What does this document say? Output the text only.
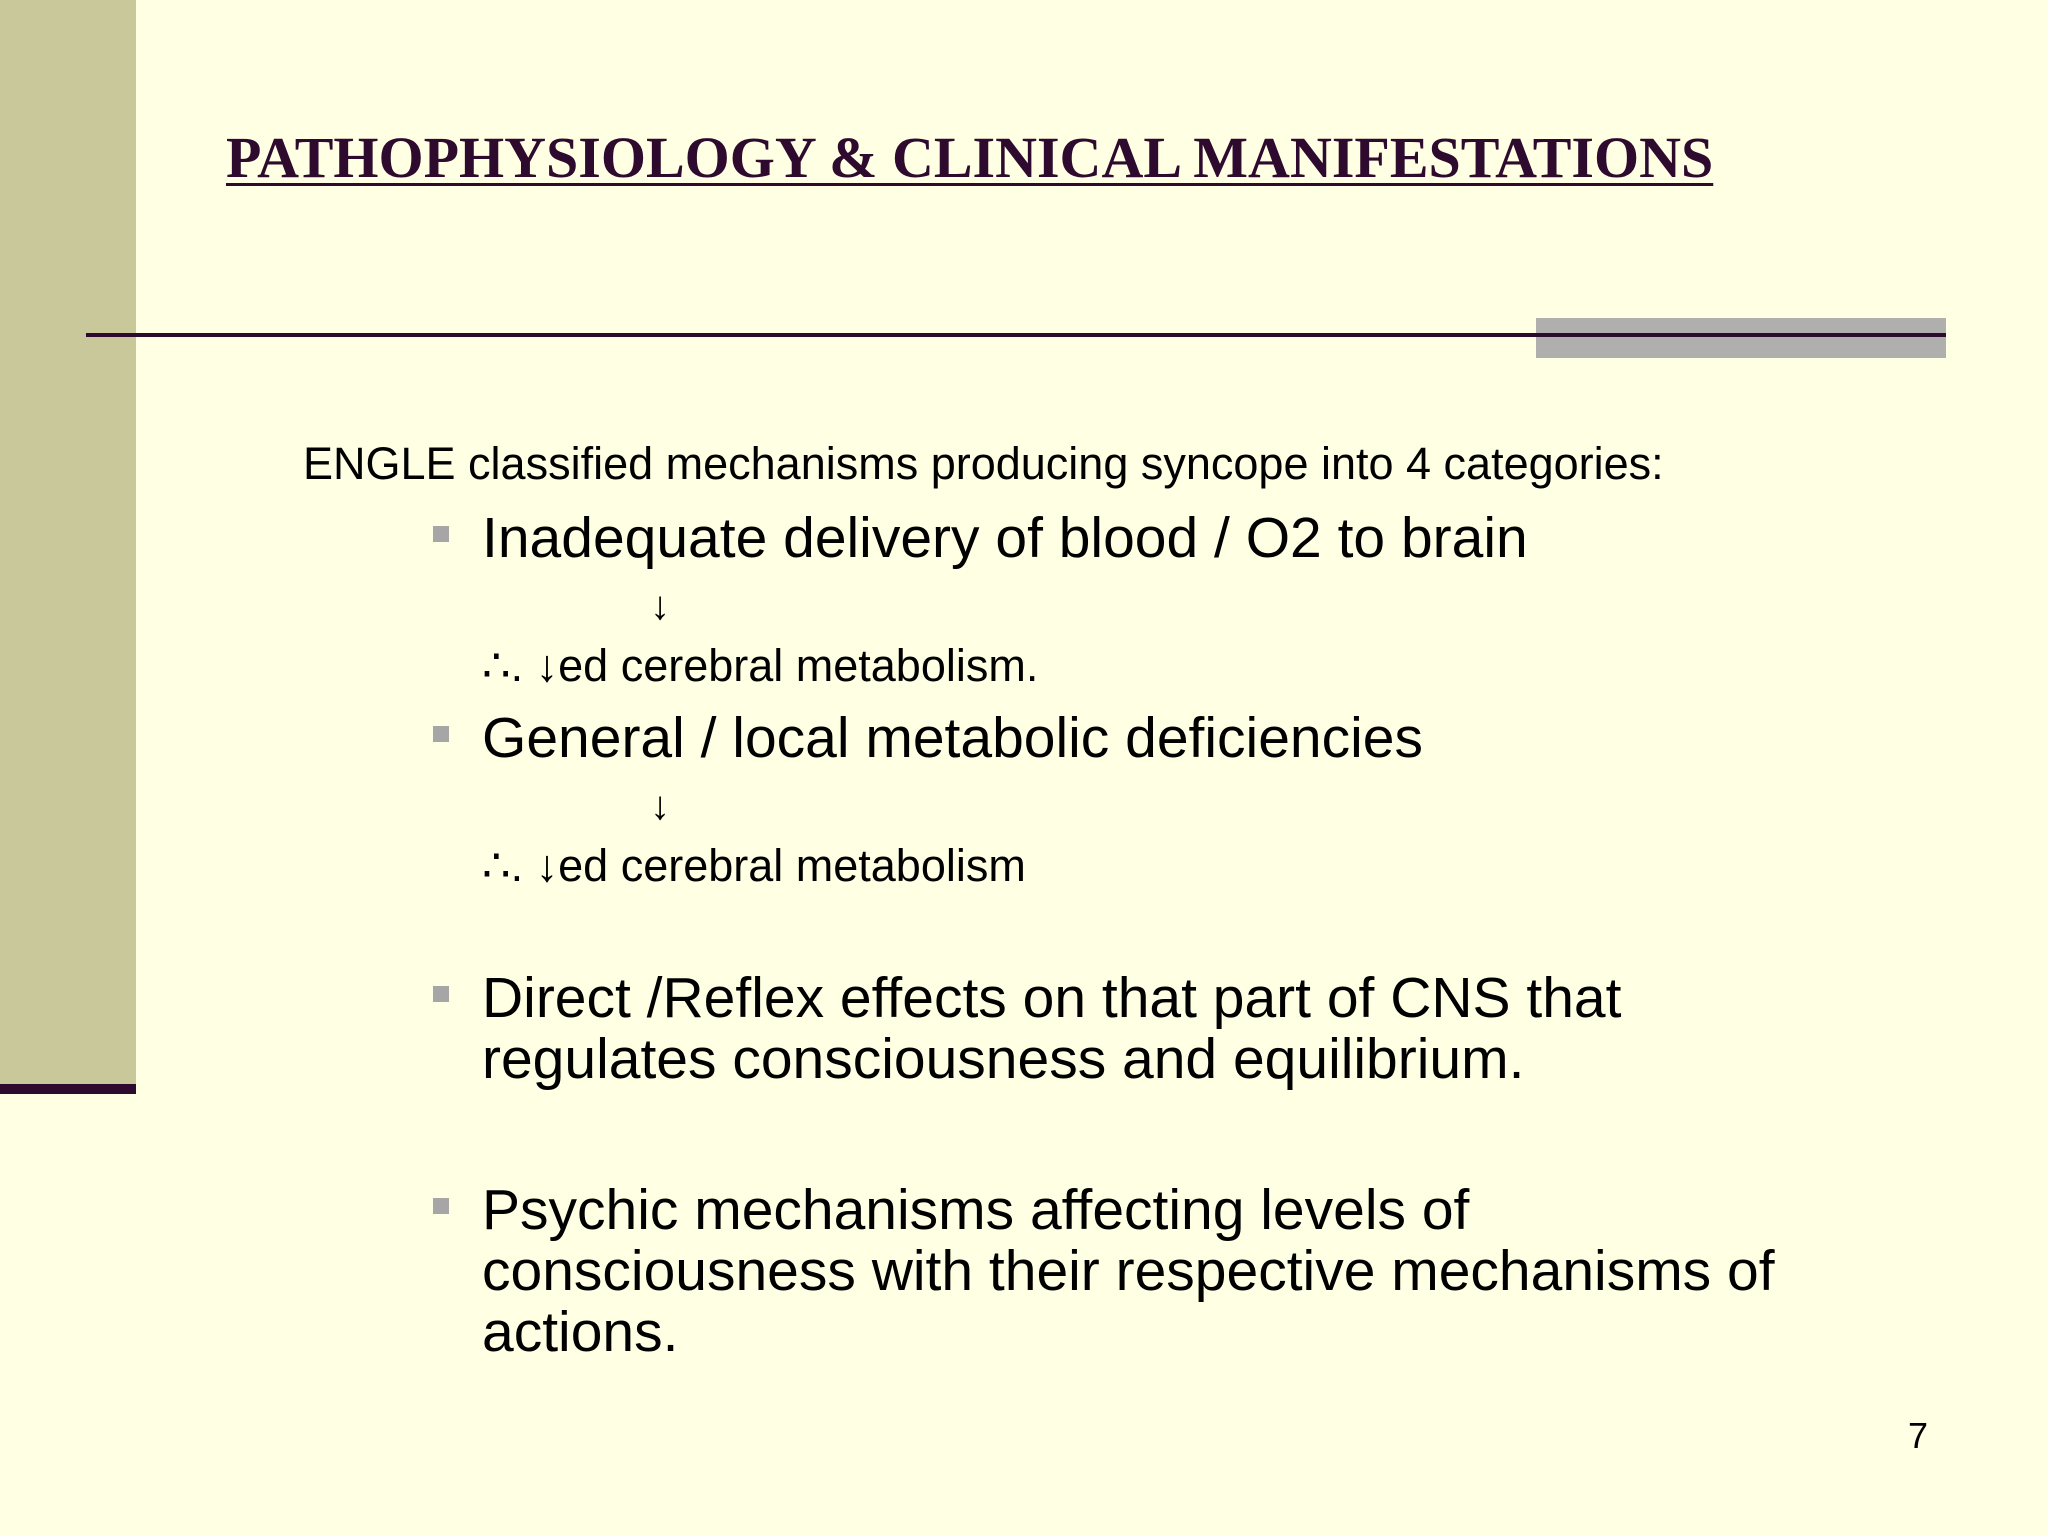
PATHOPHYSIOLOGY & CLINICAL MANIFESTATIONS
ENGLE classified mechanisms producing syncope into 4 categories:
Inadequate delivery of blood / O2 to brain
↓
∴. ↓ed cerebral metabolism.
General / local metabolic deficiencies
↓
∴. ↓ed cerebral metabolism
Direct /Reflex effects on that part of CNS that
regulates consciousness and equilibrium.
Psychic mechanisms affecting levels of
consciousness with their respective mechanisms of
actions.
7
